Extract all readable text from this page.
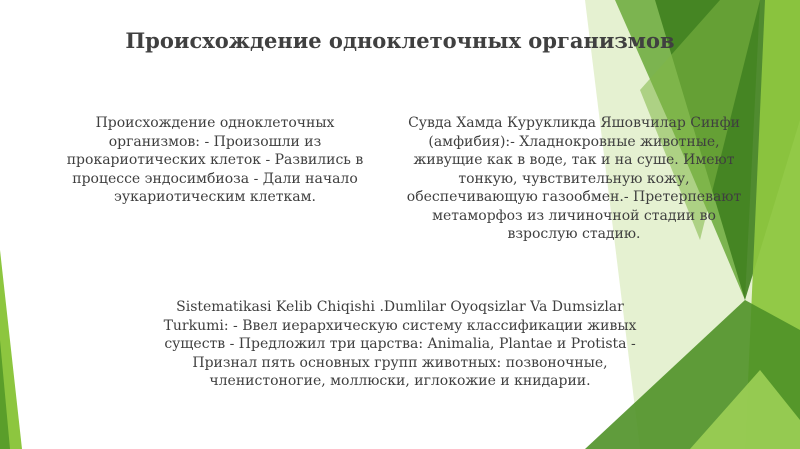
Происхождение одноклеточных организмов

Происхождение одноклеточных организмов: - Произошли из прокариотических клеток - Развились в процессе эндосимбиоза - Дали начало эукариотическим клеткам.

Сувда Хамда Курукликда Яшовчилар Синфи (амфибия):- Хладнокровные животные, живущие как в воде, так и на суше. Имеют тонкую, чувствительную кожу, обеспечивающую газообмен.- Претерпевают метаморфоз из личиночной стадии во взрослую стадию.

Sistematikasi Kelib Chiqishi .Dumlilar Oyoqsizlar Va Dumsizlar Turkumi: - Ввел иерархическую систему классификации живых существ - Предложил три царства: Animalia, Plantae и Protista - Признал пять основных групп животных: позвоночные, членистоногие, моллюски, иглокожие и книдарии.
